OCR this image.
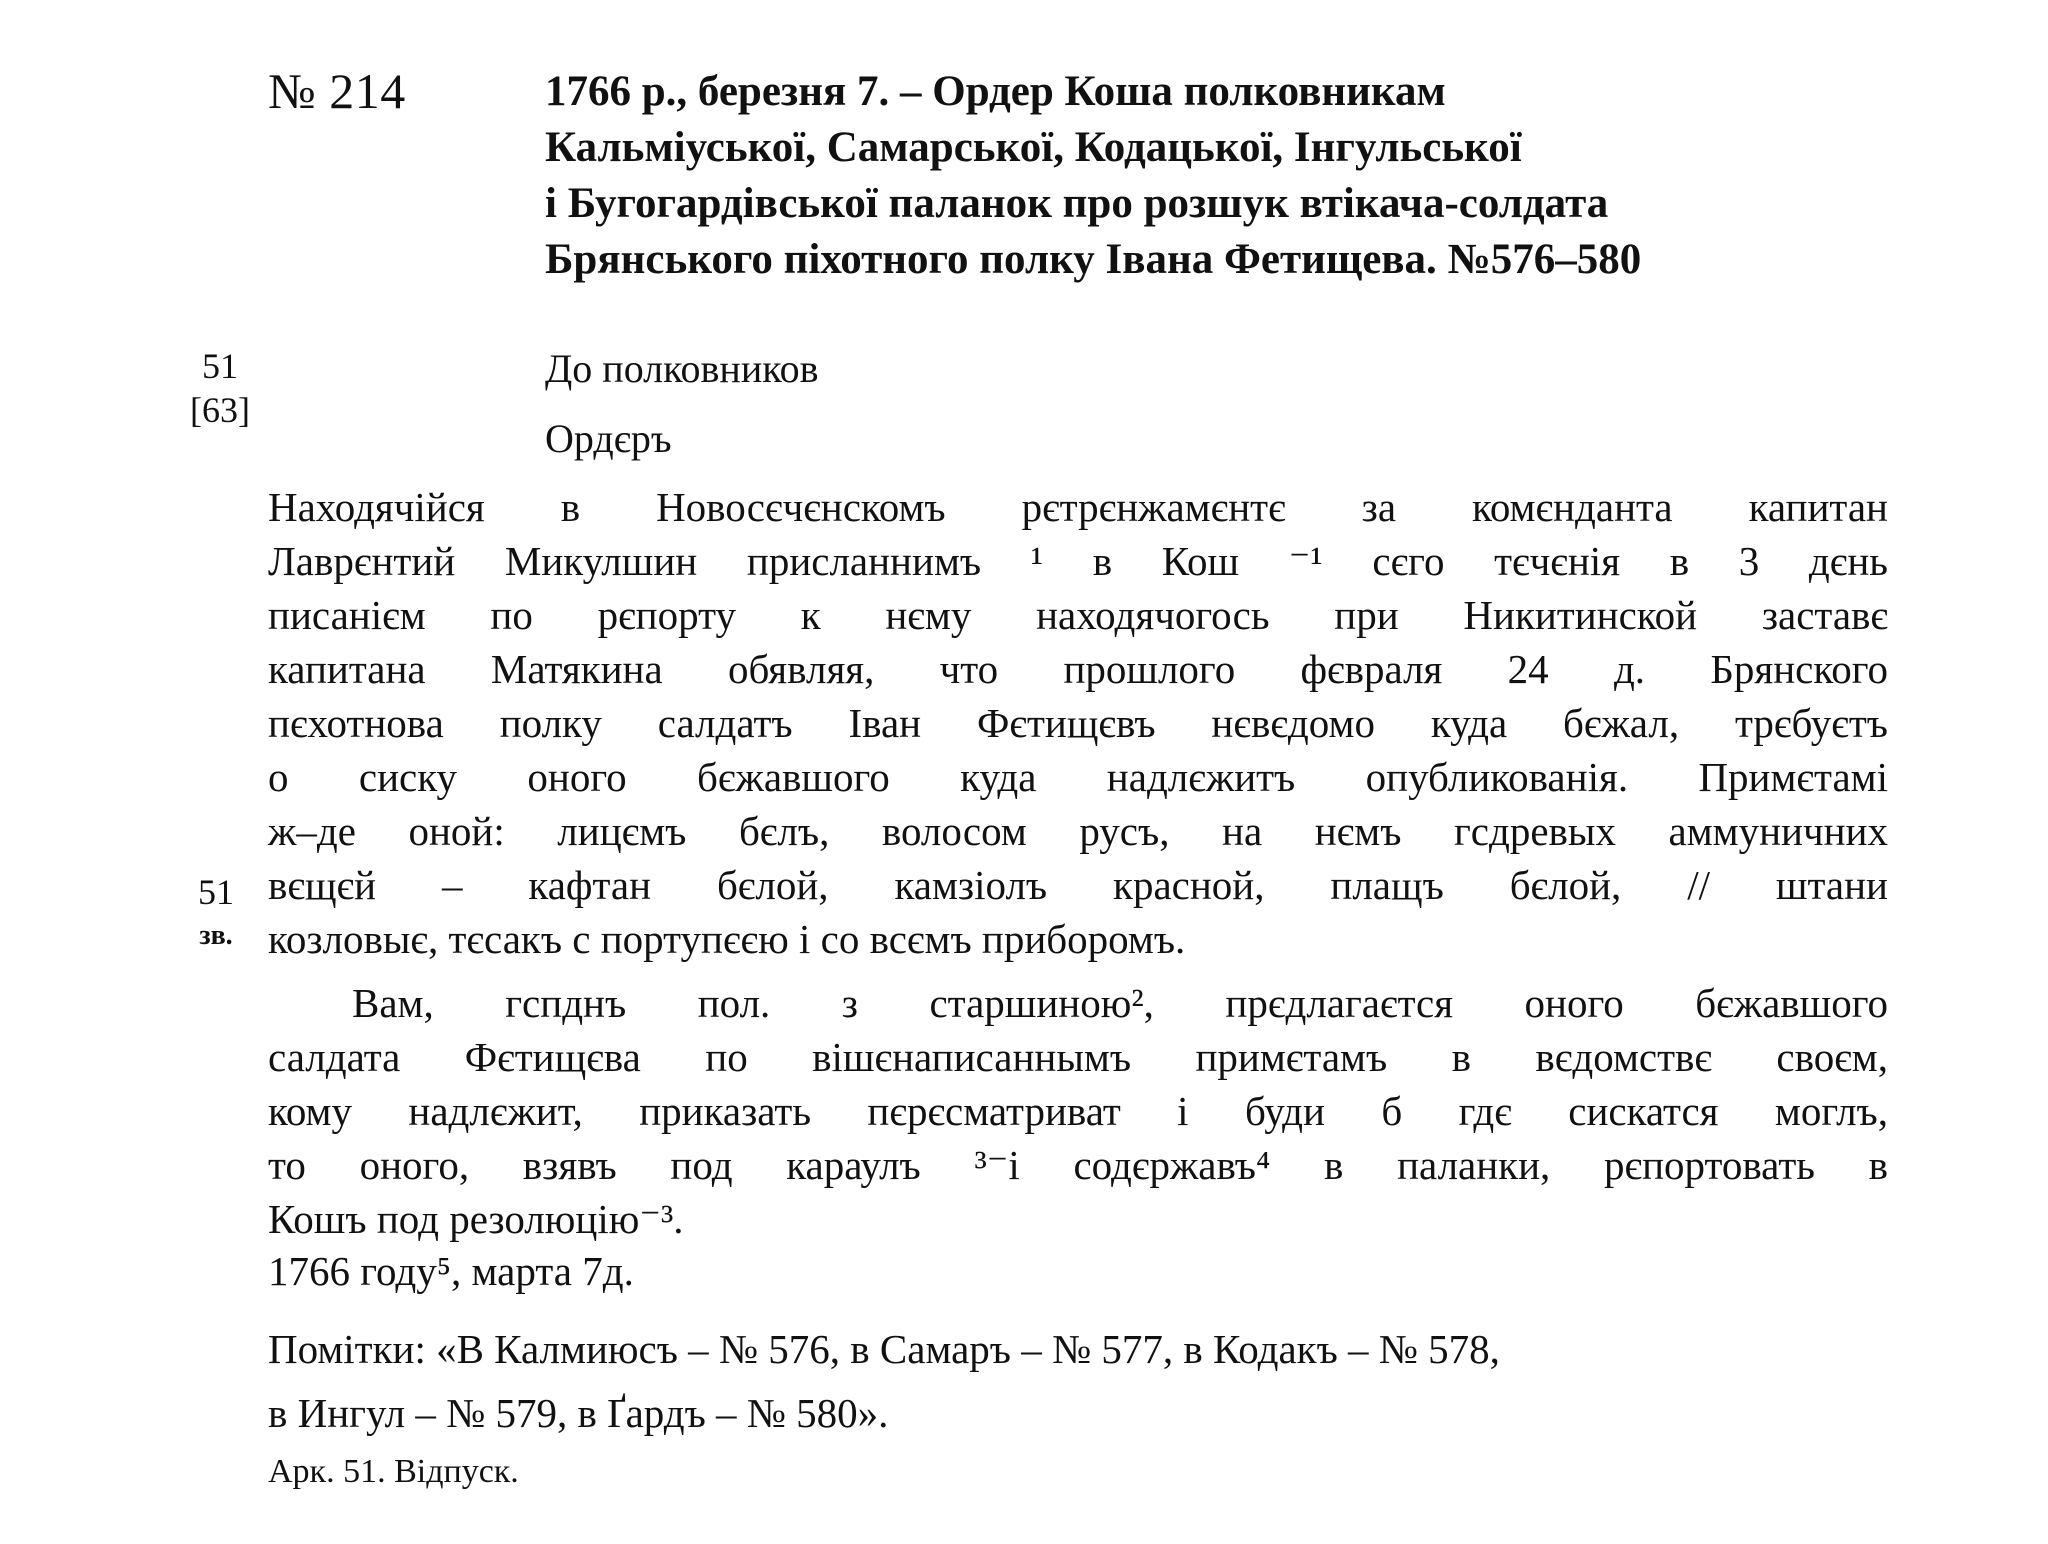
№ 214	1766 р., березня 7. – Ордер Коша полковникам
Кальміуської, Самарської, Кодацької, Інгульської
і Бугогардівської паланок про розшук втікача-солдата
Брянського піхотного полку Івана Фетищева. №576–580
51
[63]
До полковников
Ордєръ
51
зв.
Находячійся в Новосєчєнскомъ рєтрєнжамєнтє за комєнданта капитан
Лаврєнтий Микулшин присланнимъ ¹ в Кош ⁻¹ сєго тєчєнія в 3 дєнь
писанієм по рєпорту к нєму находячогось при Никитинской заставє
капитана Матякина обявляя, что прошлого фєвраля 24 д. Брянского
пєхотнова полку салдатъ Іван Фєтищєвъ нєвєдомо куда бєжал, трєбуєтъ
о сиску оного бєжавшого куда надлєжитъ опубликованія. Примєтамі
ж–де оной: лицємъ бєлъ, волосом русъ, на нємъ гсдревых аммуничних
вєщєй – кафтан бєлой, камзіолъ красной, плащъ бєлой, // штани
козловыє, тєсакъ с портупєєю і со всємъ приборомъ.
Вам, гспднъ пол. з старшиною², прєдлагаєтся оного бєжавшого
салдата Фєтищєва по вішєнаписаннымъ примєтамъ в вєдомствє своєм,
кому надлєжит, приказать пєрєсматриват і буди б гдє сискатся моглъ,
то оного, взявъ под караулъ ³⁻і содєржавъ⁴ в паланки, рєпортовать в
Кошъ под резолюцію⁻³.
1766 году⁵, марта 7д.
Помітки: «В Калмиюсъ – № 576, в Самаръ – № 577, в Кодакъ – № 578,
в Ингул – № 579, в Ґардъ – № 580».
Арк. 51. Відпуск.
